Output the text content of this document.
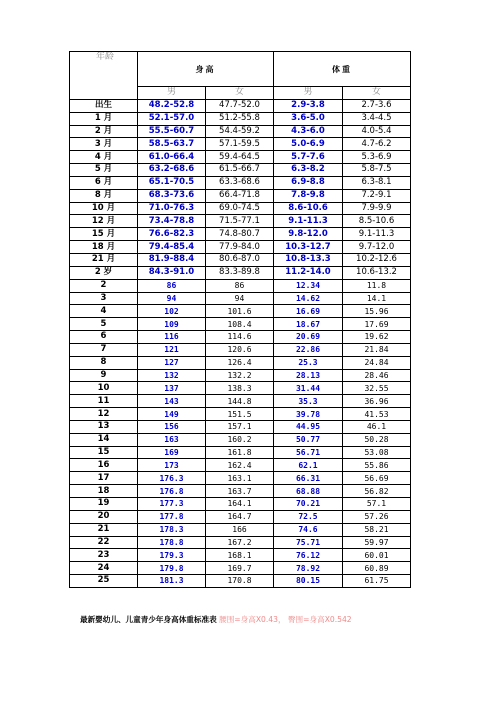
年龄	身高		体重	
	男	女	男	女
出生	48.2-52.8	47.7-52.0	2.9-3.8	2.7-3.6
1 月	52.1-57.0	51.2-55.8	3.6-5.0	3.4-4.5
2 月	55.5-60.7	54.4-59.2	4.3-6.0	4.0-5.4
3 月	58.5-63.7	57.1-59.5	5.0-6.9	4.7-6.2
4 月	61.0-66.4	59.4-64.5	5.7-7.6	5.3-6.9
5 月	63.2-68.6	61.5-66.7	6.3-8.2	5.8-7.5
6 月	65.1-70.5	63.3-68.6	6.9-8.8	6.3-8.1
8 月	68.3-73.6	66.4-71.8	7.8-9.8	7.2-9.1
10 月	71.0-76.3	69.0-74.5	8.6-10.6	7.9-9.9
12 月	73.4-78.8	71.5-77.1	9.1-11.3	8.5-10.6
15 月	76.6-82.3	74.8-80.7	9.8-12.0	9.1-11.3
18 月	79.4-85.4	77.9-84.0	10.3-12.7	9.7-12.0
21 月	81.9-88.4	80.6-87.0	10.8-13.3	10.2-12.6
2 岁	84.3-91.0	83.3-89.8	11.2-14.0	10.6-13.2
2	86	86	12.34	11.8
3	94	94	14.62	14.1
4	102	101.6	16.69	15.96
5	109	108.4	18.67	17.69
6	116	114.6	20.69	19.62
7	121	120.6	22.86	21.84
8	127	126.4	25.3	24.84
9	132	132.2	28.13	28.46
10	137	138.3	31.44	32.55
11	143	144.8	35.3	36.96
12	149	151.5	39.78	41.53
13	156	157.1	44.95	46.1
14	163	160.2	50.77	50.28
15	169	161.8	56.71	53.08
16	173	162.4	62.1	55.86
17	176.3	163.1	66.31	56.69
18	176.8	163.7	68.88	56.82
19	177.3	164.1	70.21	57.1
20	177.8	164.7	72.5	57.26
21	178.3	166	74.6	58.21
22	178.8	167.2	75.71	59.97
23	179.3	168.1	76.12	60.01
24	179.8	169.7	78.92	60.89
25	181.3	170.8	80.15	61.75
最新婴幼儿、儿童青少年身高体重标准表 腰围=身高X0.43， 臀围=身高X0.542
